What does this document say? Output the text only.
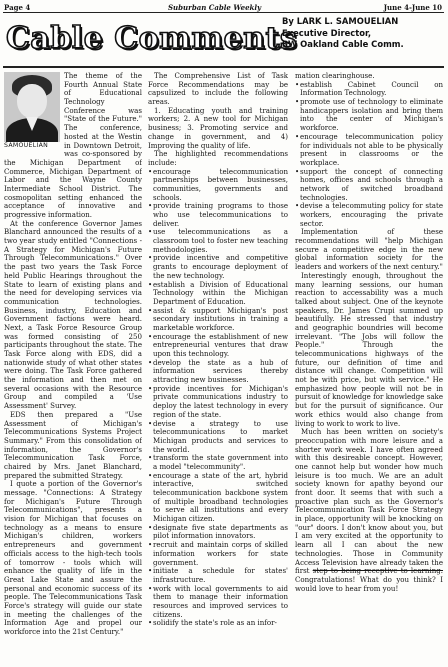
Page 4	Suburban Cable Weekly	June 4-June 10
Cable Comments
By LARK L. SAMOUELIAN
Executive Director,
SW Oakland Cable Comm.
SAMOUELIAN

The theme of the Fourth Annual State of Educational Technology Conference was "State of the Future." The conference, hosted at the Westin in Downtown Detroit, was co-sponsored by the Michigan Department of Commerce, Michigan Department of Labor and the Wayne County Intermediate School District. The cosmopolitan setting enhanced the acceptance of innovative and progressive information.

At the conference Governor James Blanchard announced the results of a two year study entitled "Connections - A Strategy for Michigan's Future Through Telecommunications." Over the past two years the Task Force held Public Hearings throughout the State to learn of existing plans and the need for developing services via communication technologies. Business, industry, Education and Government factions were heard. Next, a Task Force Resource Group was formed consisting of 250 participants throughout the state. The Task Force along with EDS, did a nationwide study of what other states were doing. The Task Force gathered the information and then met on several occasions with the Resource Group and compiled a 'Use Assessment' Survey.

EDS then prepared a "Use Assessment of Michigan's Telecommunications Systems Project Summary." From this consolidation of information, the Governor's Telecommunication Task Force, chaired by Mrs. Janet Blanchard, prepared the submitted Strategy.

I quote a portion of the Governor's message. "Connections: A Strategy for Michigan's Future Through Telecommunications", presents a vision for Michigan that focuses on technology as a means to ensure Michigan's children, workers entrepreneurs and government officials access to the high-tech tools of tomorrow - tools which will enhance the quality of life in the Great Lake State and assure the personal and economic success of its people. The Telecommunications Task Force's strategy will guide our state in meeting the challenges of the Information Age and propel our workforce into the 21st Century."

The Comprehensive List of Task Force Recommendations may be capsulized to include the following areas.

1. Educating youth and training workers; 2. A new tool for Michigan business; 3. Promoting service and change in government, and 4) Improving the quality of life.

The highlighted recommendations include:

• encourage telecommunication partnerships between businesses, communities, governments and schools.

• provide training programs to those who use telecommunications to deliver.

• use telecommunications as a classroom tool to foster new teaching methodologies.

• provide incentive and competitive grants to encourage deployment of the new technology.

• establish a Division of Educational Technology within the Michigan Department of Education.

• assist & support Michigan's post secondary institutions in training a marketable workforce.

• encourage the establishment of new entrepreneurial ventures that draw upon this technology.

• develop the state as a hub of information services thereby attracting new businesses.

• provide incentives for Michigan's private communications industry to deploy the latest technology in every region of the state.

• devise a strategy to use telecommunications to market Michigan products and services to the world.

• transform the state government into a model "telecommunity".

• encourage a state of the art, hybrid interactive, switched telecommunication backbone system of multiple broadband technologies to serve all institutions and every Michigan citizen.

• designate five state departments as pilot information innovators.

• recruit and maintain corps of skilled information workers for state government.

• initiate a schedule for states' infrastructure.

• work with local governments to aid them to manage their information resources and improved services to citizens.

• solidify the state's role as an infor-

mation clearinghouse.

• establish Cabinet Council on Information Technology.

• promote use of technology to eliminate handicappers isolation and bring them into the center of Michigan's workforce.

• encourage telecommunication policy for individuals not able to be physically present in classrooms or the workplace.

• support the concept of connecting homes, offices and schools through a network of switched broadband technologies.

• devise a telecommuting policy for state workers, encouraging the private sector.

Implementation of these recommendations will "help Michigan secure a competitive edge in the new global information society for the leaders and workers of the next century."

Interestingly enough, throughout the many learning sessions, our human reaction to accessability was a much talked about subject. One of the keynote speakers, Dr. James Crupi summed up beautifully. He stressed that industry and geographic boundries will become irrelevant. "The Jobs will follow the People." Through the telecommunications highways of the future, our definition of time and distance will change. Competition will not be with price, but with service." He emphasized how people will not be in pursuit of knowledge for knowledge sake but for the pursuit of significance. Our work ethics would also change from living to work to work to live.

Much has been written on society's preoccupation with more leisure and a shorter work week. I have often agreed with this desireable concept. However, one cannot help but wonder how much leisure is too much. We are an adult society known for apathy beyond our front door. It seems that with such a proactive plan such as the Governor's Telecommunication Task Force Strategy in place, opportunity will be knocking on "our" doors. I don't know about you, but I am very excited at the opportunity to learn all I can about the new technologies. Those in Community Access Television have already taken the first step to being receptive to learning. Congratulations! What do you think? I would love to hear from you!
